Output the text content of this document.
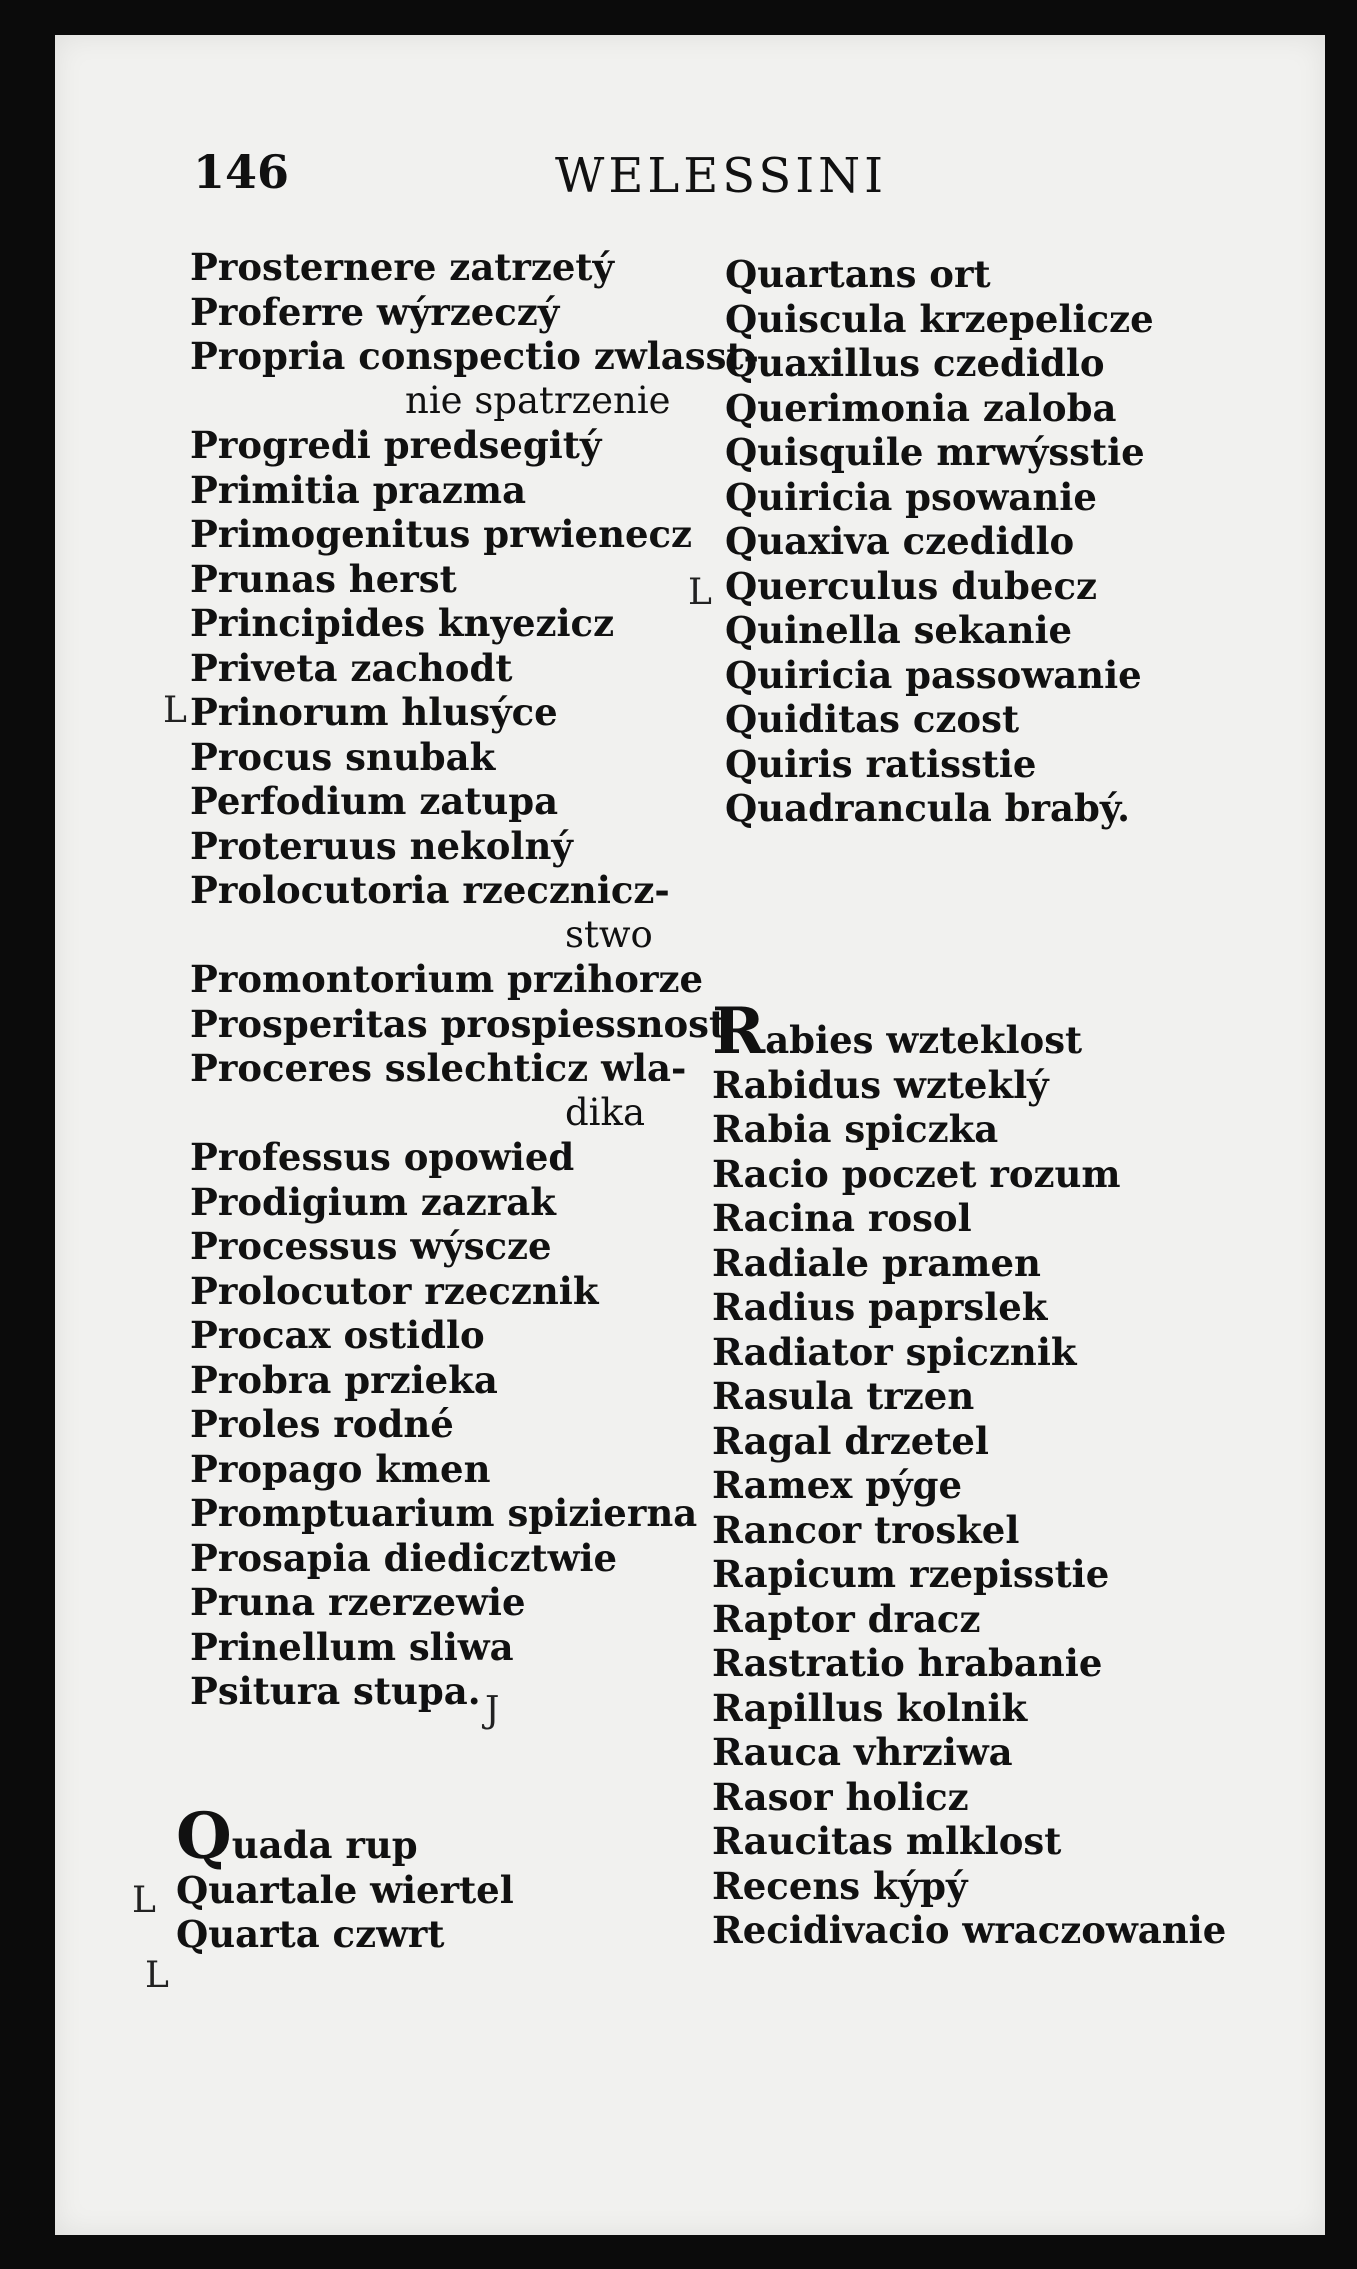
146	WELESSINI
Prosternere zatrzetý
Proferre wýrzeczý
Propria conspectio zwlasst-
nie spatrzenie
Progredi predsegitý
Primitia prazma
Primogenitus prwienecz
Prunas herst
Principides knyezicz
Priveta zachodt
Prinorum hlusýce
Procus snubak
Perfodium zatupa
Proteruus nekolný
Prolocutoria rzecznicz-
stwo
Promontorium przihorze
Prosperitas prospiessnost
Proceres sslechticz wla-
dika
Professus opowied
Prodigium zazrak
Processus wýscze
Prolocutor rzecznik
Procax ostidlo
Probra przieka
Proles rodné
Propago kmen
Promptuarium spizierna
Prosapia diedicztwie
Pruna rzerzewie
Prinellum sliwa
Psitura stupa.
Quada rup
Quartale wiertel
Quarta czwrt
Quartans ort
Quiscula krzepelicze
Quaxillus czedidlo
Querimonia zaloba
Quisquile mrwýsstie
Quiricia psowanie
Quaxiva czedidlo
Querculus dubecz
Quinella sekanie
Quiricia passowanie
Quiditas czost
Quiris ratisstie
Quadrancula brabý.
Rabies wzteklost
Rabidus wzteklý
Rabia spiczka
Racio poczet rozum
Racina rosol
Radiale pramen
Radius paprslek
Radiator spicznik
Rasula trzen
Ragal drzetel
Ramex pýge
Rancor troskel
Rapicum rzepisstie
Raptor dracz
Rastratio hrabanie
Rapillus kolnik
Rauca vhrziwa
Rasor holicz
Raucitas mlklost
Recens kýpý
Recidivacio wraczowanie
L
L
L
L
J
